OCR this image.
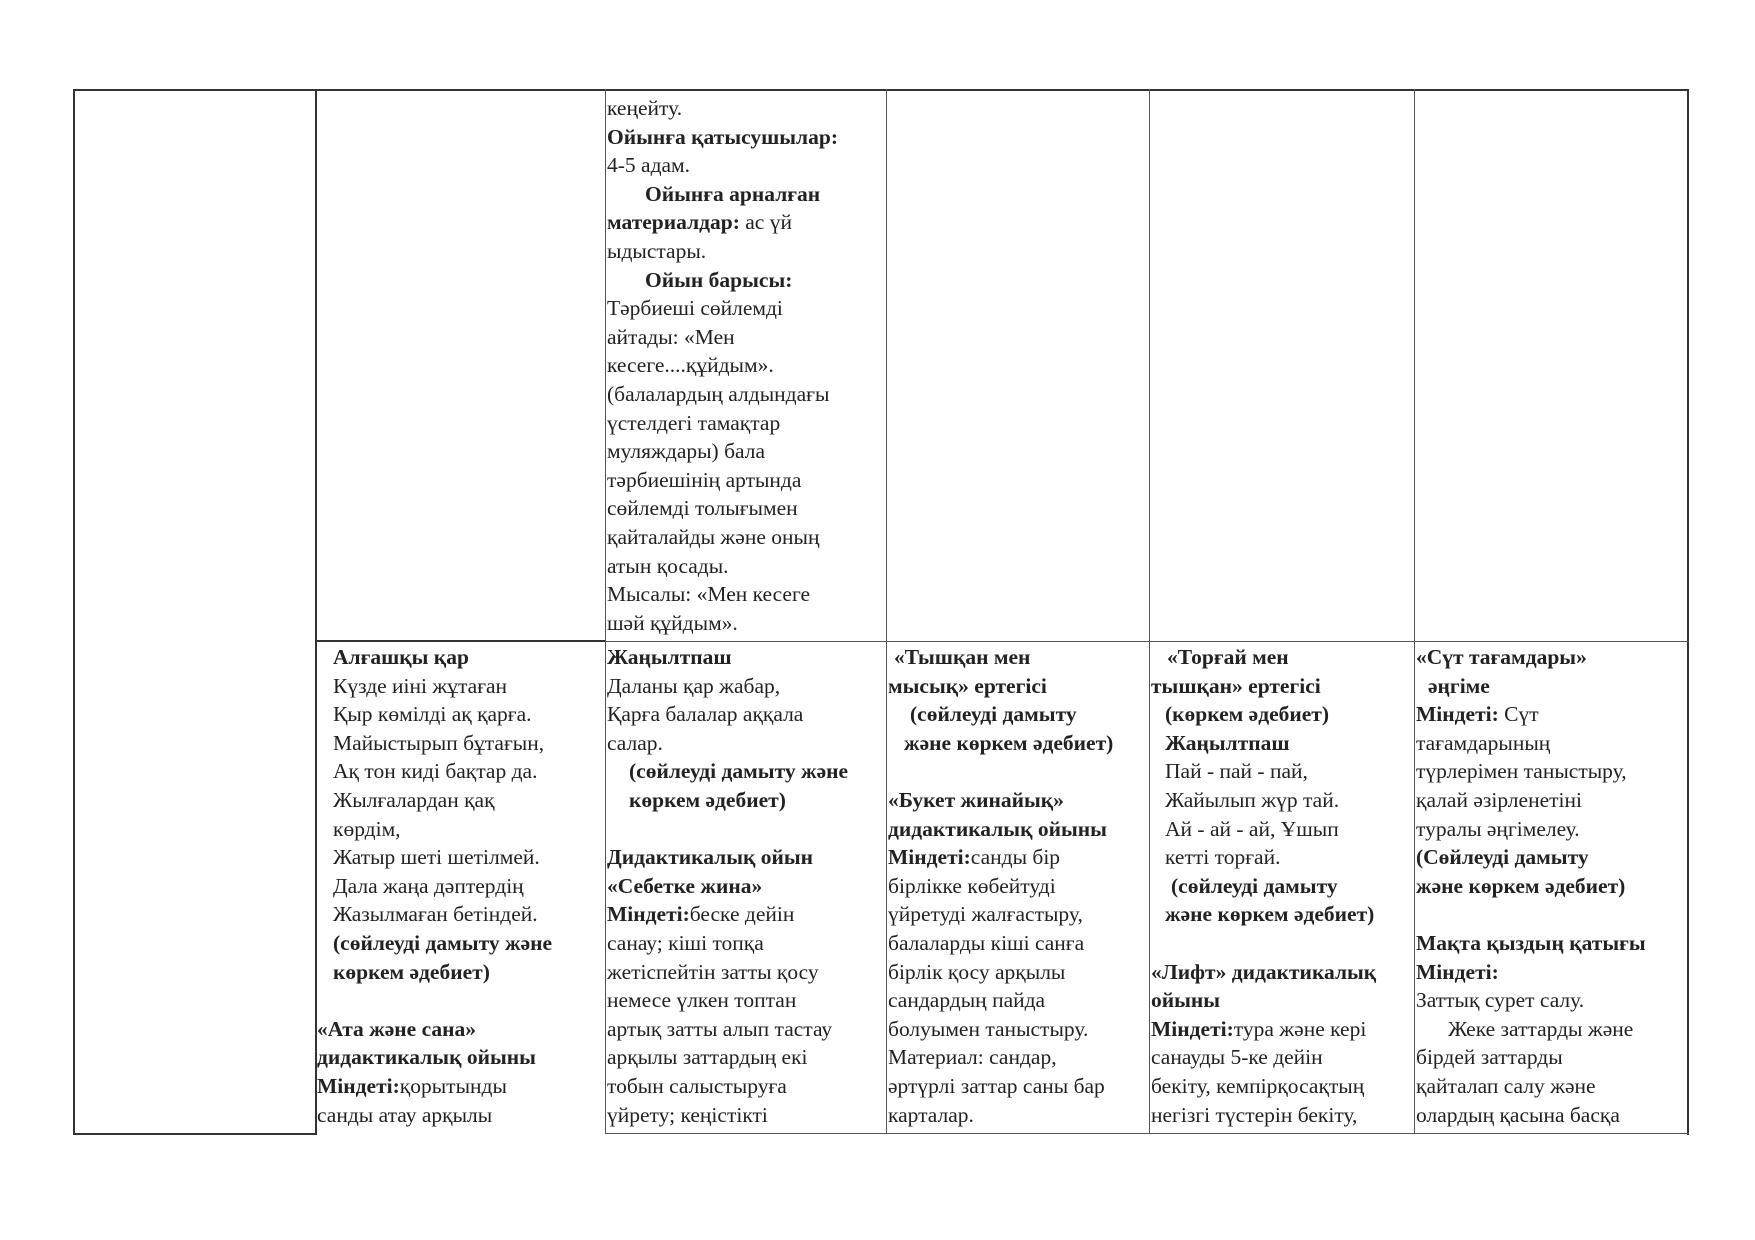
кеңейту.
Ойынға қатысушылар:
4-5 адам.
Ойынға арналған
материалдар: ас үй
ыдыстары.
Ойын барысы:
Тәрбиеші сөйлемді
айтады: «Мен
кесеге....құйдым».
(балалардың алдындағы
үстелдегі тамақтар
муляждары) бала
тәрбиешінің артында
сөйлемді толығымен
қайталайды және оның
атын қосады.
Мысалы: «Мен кесеге
шәй құйдым».
Алғашқы қар
Күзде иіні жұтаған
Қыр көмілді ақ қарға.
Майыстырып бұтағын,
Ақ тон киді бақтар да.
Жылғалардан қақ
көрдім,
Жатыр шеті шетілмей.
Дала жаңа дәптердің
Жазылмаған бетіндей.
(сөйлеуді дамыту және
көркем әдебиет)
«Ата және сана»
дидактикалық ойыны
Міндеті:қорытынды
санды атау арқылы
Жаңылтпаш
Даланы қар жабар,
Қарға балалар аққала
салар.
(сөйлеуді дамыту және
көркем әдебиет)
Дидактикалық ойын
«Себетке жина»
Міндеті:беске дейін
санау; кіші топқа
жетіспейтін затты қосу
немесе үлкен топтан
артық затты алып тастау
арқылы заттардың екі
тобын салыстыруға
үйрету; кеңістікті
«Тышқан мен
мысық» ертегісі
(сөйлеуді дамыту
және көркем әдебиет)
«Букет жинайық»
дидактикалық ойыны
Міндеті:санды бір
бірлікке көбейтуді
үйретуді жалғастыру,
балаларды кіші санға
бірлік қосу арқылы
сандардың пайда
болуымен таныстыру.
Материал: сандар,
әртүрлі заттар саны бар
карталар.
«Торғай мен
тышқан» ертегісі
(көркем әдебиет)
Жаңылтпаш
Пай - пай - пай,
Жайылып жүр тай.
Ай - ай - ай, Ұшып
кетті торғай.
(сөйлеуді дамыту
және көркем әдебиет)
«Лифт» дидактикалық
ойыны
Міндеті:тура және кері
санауды 5-ке дейін
бекіту, кемпірқосақтың
негізгі түстерін бекіту,
«Сүт тағамдары»
әңгіме
Міндеті: Сүт
тағамдарының
түрлерімен таныстыру,
қалай әзірленетіні
туралы әңгімелеу.
(Сөйлеуді дамыту
және көркем әдебиет)
Мақта қыздың қатығы
Міндеті:
Заттық сурет салу.
Жеке заттарды және
бірдей заттарды
қайталап салу және
олардың қасына басқа
